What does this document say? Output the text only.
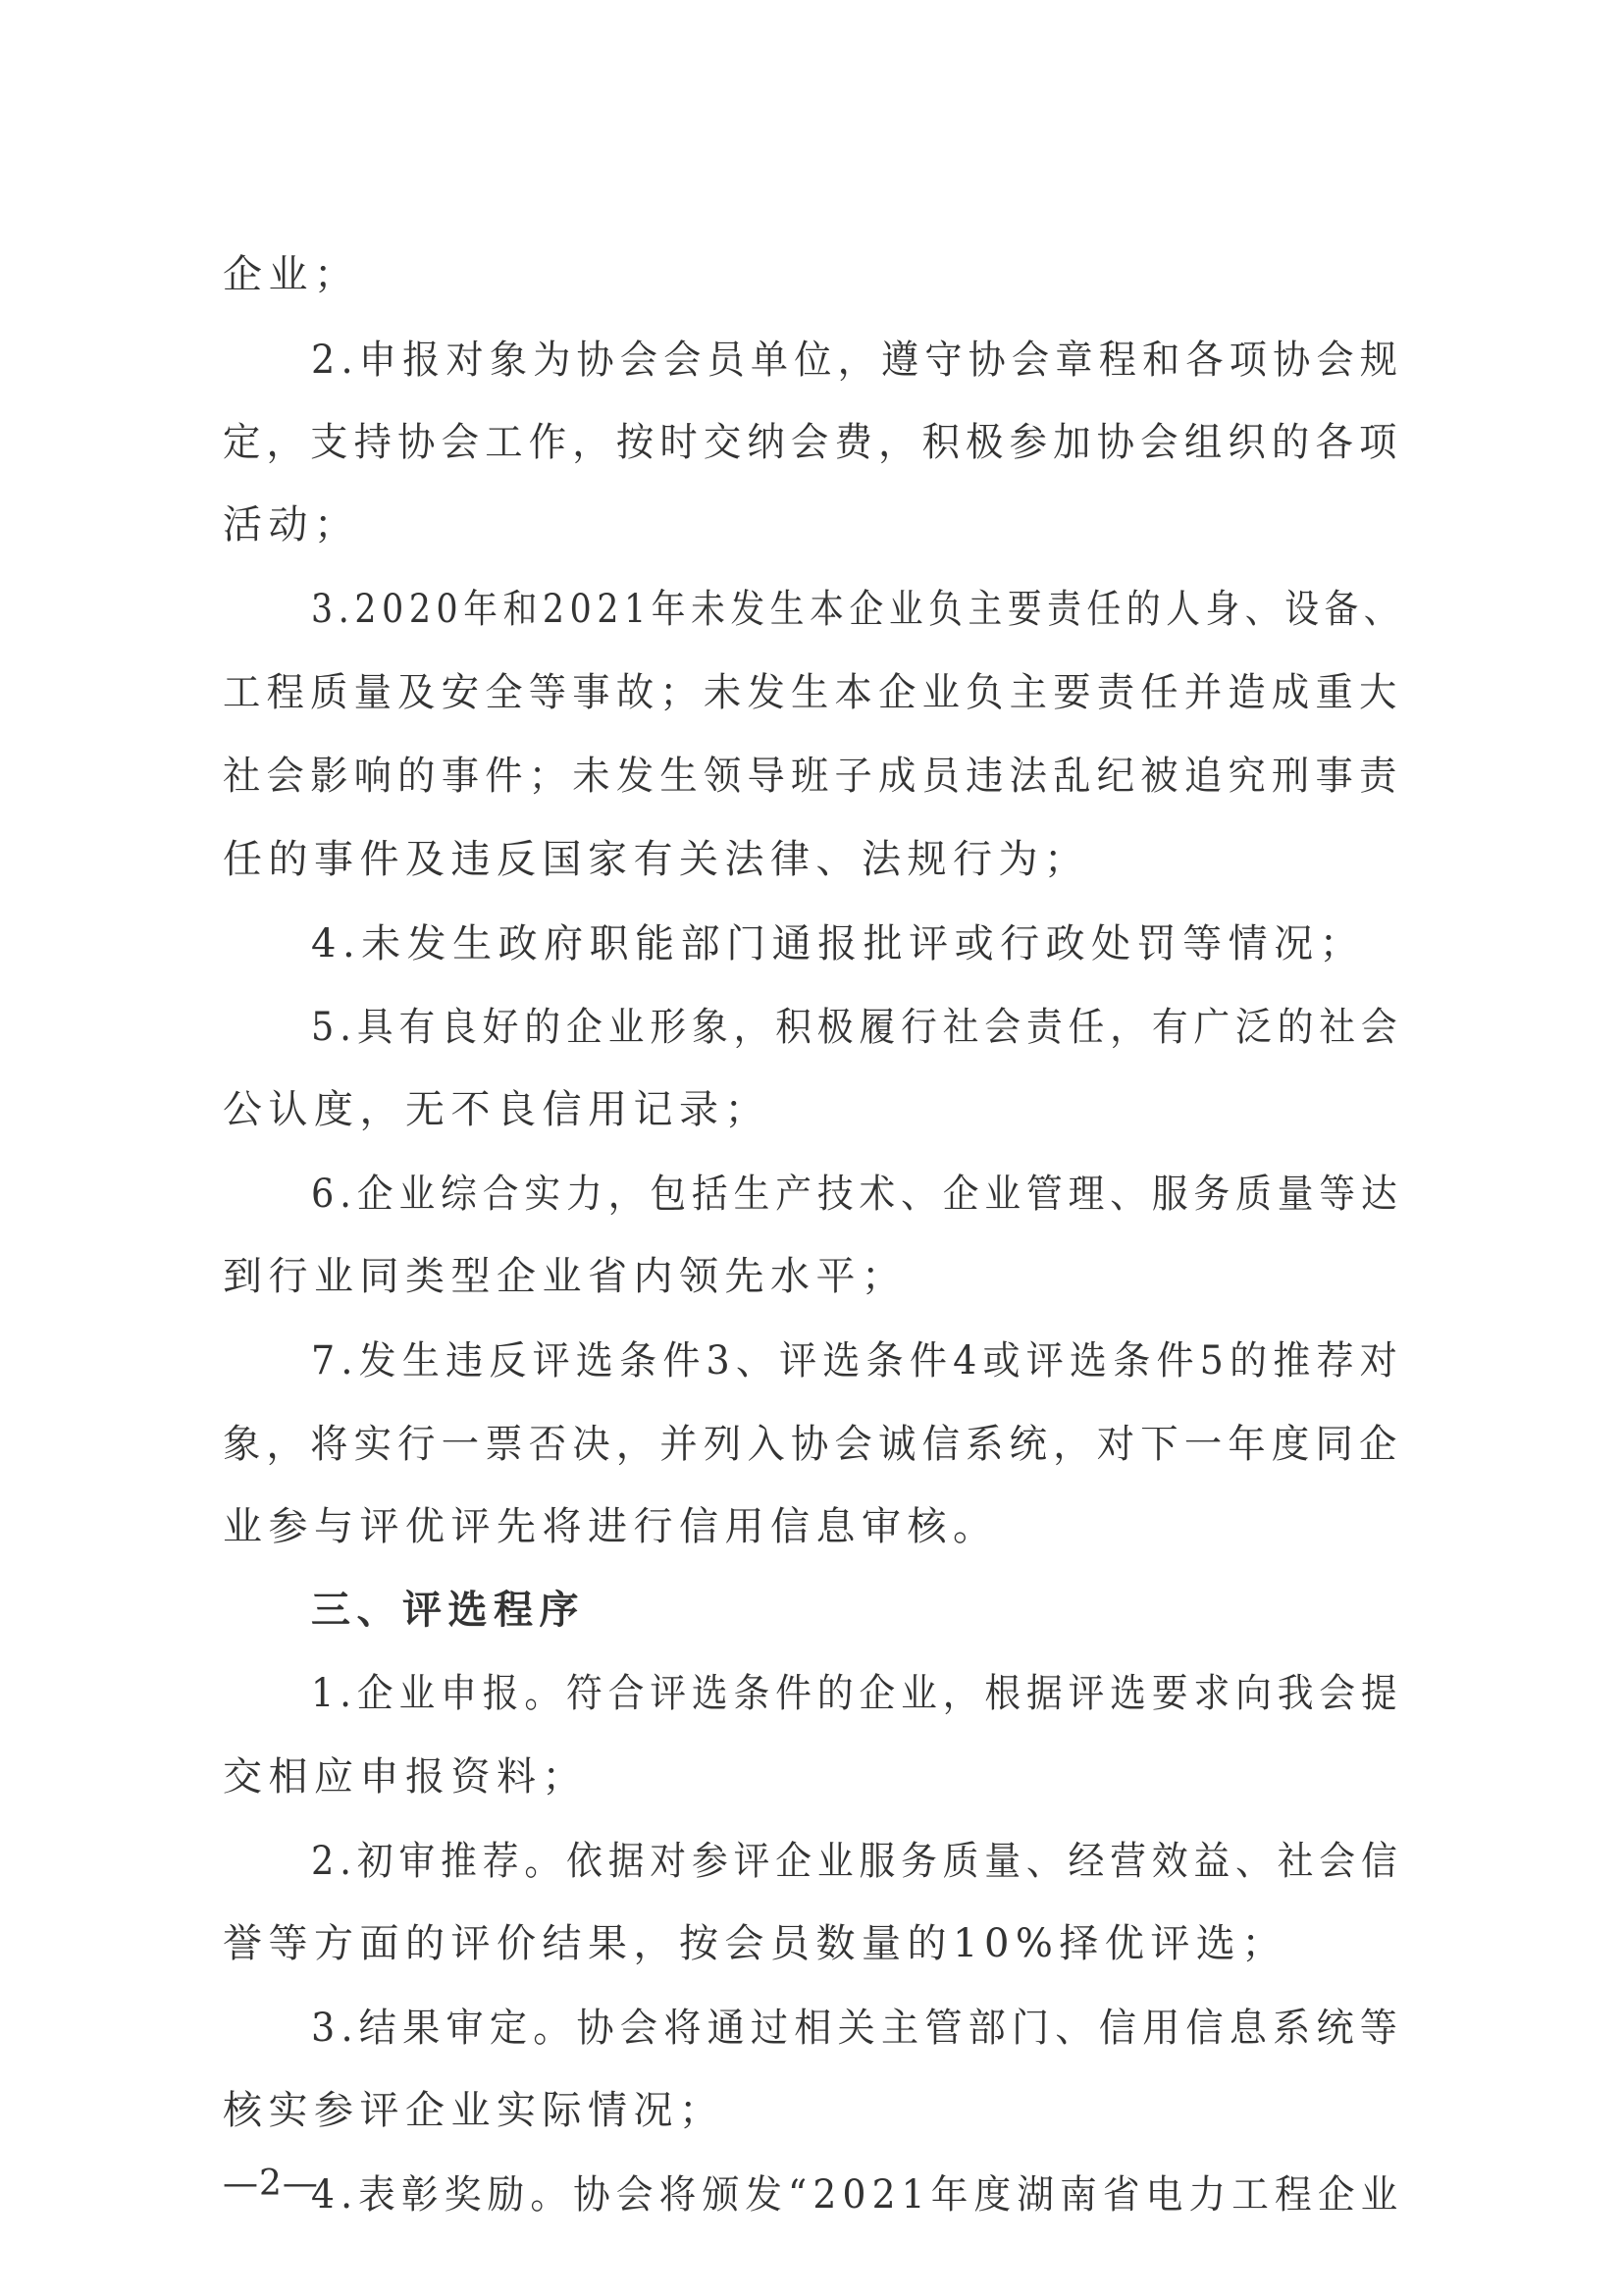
企业；
2.申报对象为协会会员单位，遵守协会章程和各项协会规
定，支持协会工作，按时交纳会费，积极参加协会组织的各项
活动；
3.2020年和2021年未发生本企业负主要责任的人身、设备、
工程质量及安全等事故；未发生本企业负主要责任并造成重大
社会影响的事件；未发生领导班子成员违法乱纪被追究刑事责
任的事件及违反国家有关法律、法规行为；
4.未发生政府职能部门通报批评或行政处罚等情况；
5.具有良好的企业形象，积极履行社会责任，有广泛的社会
公认度，无不良信用记录；
6.企业综合实力，包括生产技术、企业管理、服务质量等达
到行业同类型企业省内领先水平；
7.发生违反评选条件3、评选条件4或评选条件5的推荐对
象，将实行一票否决，并列入协会诚信系统，对下一年度同企
业参与评优评先将进行信用信息审核。
三、评选程序
1.企业申报。符合评选条件的企业，根据评选要求向我会提
交相应申报资料；
2.初审推荐。依据对参评企业服务质量、经营效益、社会信
誉等方面的评价结果，按会员数量的10%择优评选；
3.结果审定。协会将通过相关主管部门、信用信息系统等
核实参评企业实际情况；
4.表彰奖励。协会将颁发“2021年度湖南省电力工程企业
—2—
